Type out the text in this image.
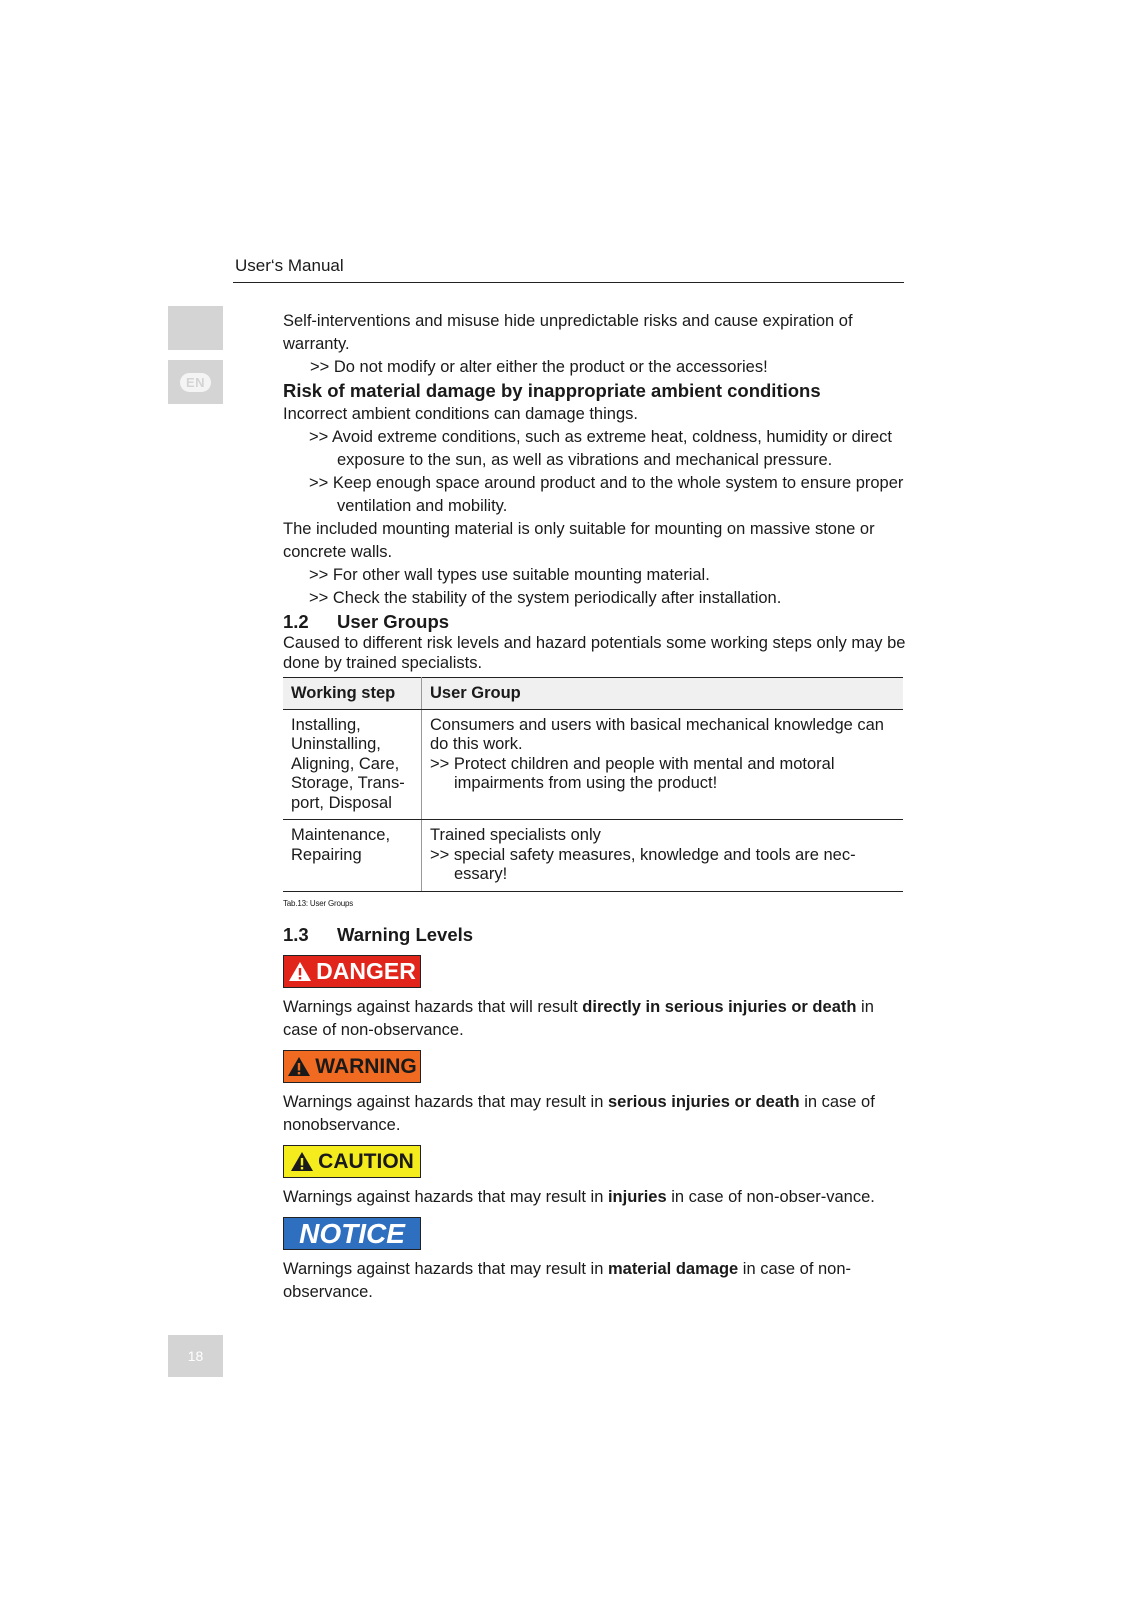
User‘s Manual
EN
18

Self-interventions and misuse hide unpredictable risks and cause expiration of warranty.

>> Do not modify or alter either the product or the accessories!

Risk of material damage by inappropriate ambient conditions

Incorrect ambient conditions can damage things.

>> Avoid extreme conditions, such as extreme heat, coldness, humidity or direct exposure to the sun, as well as vibrations and mechanical pressure.

>> Keep enough space around product and to the whole system to ensure proper ventilation and mobility.

The included mounting material is only suitable for mounting on massive stone or concrete walls.

>> For other wall types use suitable mounting material.

>> Check the stability of the system periodically after installation.

1.2 User Groups

Caused to different risk levels and hazard potentials some working steps only may be done by trained specialists.

Working step	User Group
Installing, Uninstalling, Aligning, Care, Storage, Trans-port, Disposal	Consumers and users with basical mechanical knowledge can do this work.
>> Protect children and people with mental and motoral impairments from using the product!

Maintenance, Repairing	Trained specialists only
>> special safety measures, knowledge and tools are nec-essary!

Tab.13: User Groups

1.3 Warning Levels

DANGER

Warnings against hazards that will result directly in serious injuries or death in case of non-observance.

WARNING

Warnings against hazards that may result in serious injuries or death in case of nonobservance.

CAUTION

Warnings against hazards that may result in injuries in case of non-obser-vance.

NOTICE

Warnings against hazards that may result in material damage in case of non-observance.
